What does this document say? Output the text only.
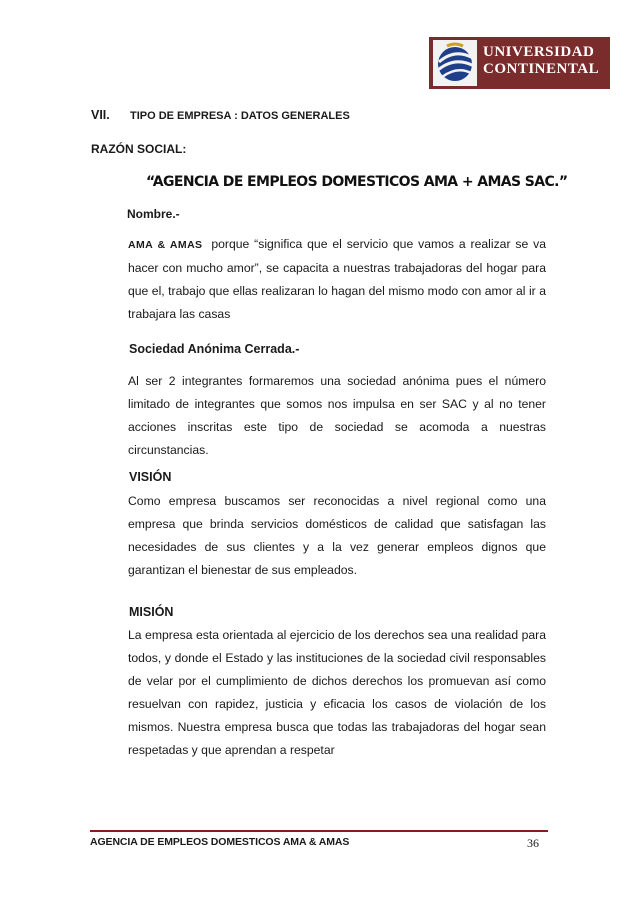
UNIVERSIDAD
CONTINENTAL
VII. TIPO DE EMPRESA : DATOS GENERALES
RAZÓN SOCIAL:
“AGENCIA DE EMPLEOS DOMESTICOS AMA + AMAS SAC.”
Nombre.-
AMA & AMAS porque “significa que el servicio que vamos a realizar se va hacer con mucho amor”, se capacita a nuestras trabajadoras del hogar para que el, trabajo que ellas realizaran lo hagan del mismo modo con amor al ir a trabajara las casas
Sociedad Anónima Cerrada.-
Al ser 2 integrantes formaremos una sociedad anónima pues el número limitado de integrantes que somos nos impulsa en ser SAC y al no tener acciones inscritas este tipo de sociedad se acomoda a nuestras circunstancias.
VISIÓN
Como empresa buscamos ser reconocidas a nivel regional como una empresa que brinda servicios domésticos de calidad que satisfagan las necesidades de sus clientes y a la vez generar empleos dignos que garantizan el bienestar de sus empleados.
MISIÓN
La empresa esta orientada al ejercicio de los derechos sea una realidad para todos, y donde el Estado y las instituciones de la sociedad civil responsables de velar por el cumplimiento de dichos derechos los promuevan así como resuelvan con rapidez, justicia y eficacia los casos de violación de los mismos. Nuestra empresa busca que todas las trabajadoras del hogar sean respetadas y que aprendan a respetar
AGENCIA DE EMPLEOS DOMESTICOS AMA & AMAS	36
